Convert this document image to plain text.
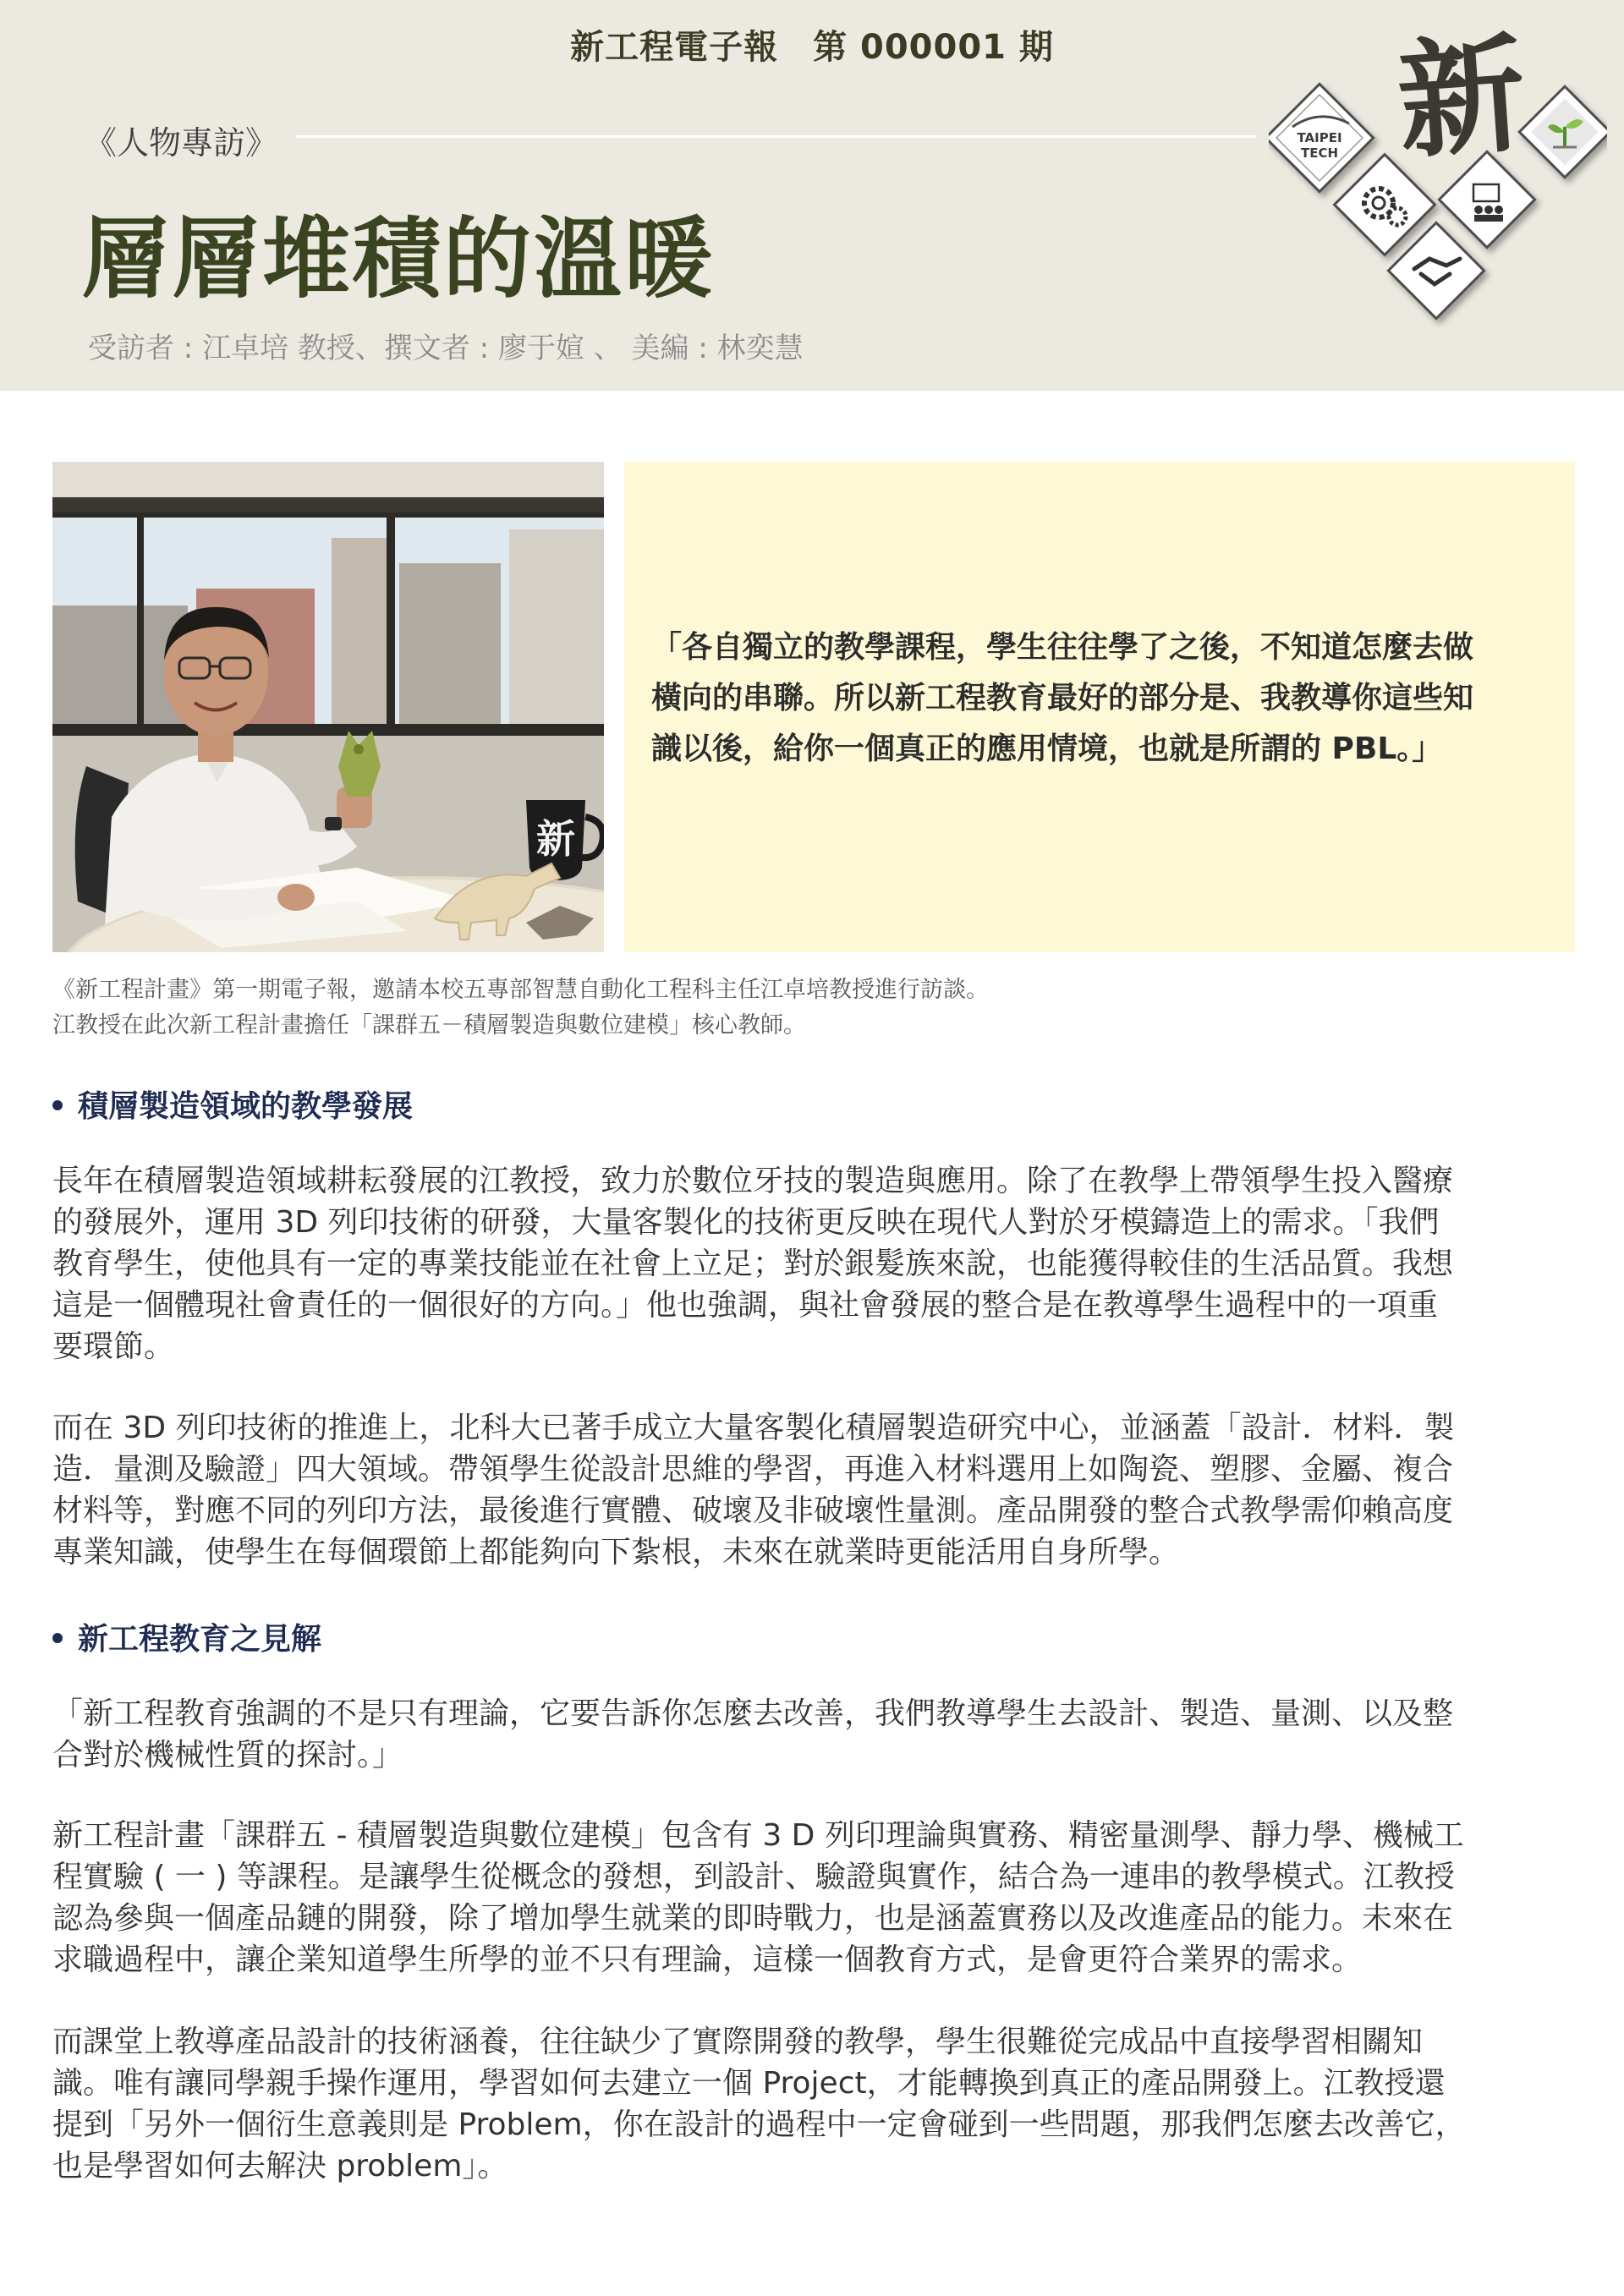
新工程電子報　第 000001 期
《人物專訪》
層層堆積的溫暖
受訪者 : 江卓培 教授、撰文者 : 廖于媗 、 美編 : 林奕慧
TAIPEI
TECH 新
新
「各自獨立的教學課程，學生往往學了之後，不知道怎麼去做
橫向的串聯。所以新工程教育最好的部分是、我教導你這些知
識以後，給你一個真正的應用情境，也就是所謂的 PBL。」
《新工程計畫》第一期電子報，邀請本校五專部智慧自動化工程科主任江卓培教授進行訪談。
江教授在此次新工程計畫擔任「課群五－積層製造與數位建模」核心教師。
積層製造領域的教學發展
長年在積層製造領域耕耘發展的江教授，致力於數位牙技的製造與應用。除了在教學上帶領學生投入醫療
的發展外，運用 3D 列印技術的研發，大量客製化的技術更反映在現代人對於牙模鑄造上的需求。「我們
教育學生，使他具有一定的專業技能並在社會上立足；對於銀髮族來說，也能獲得較佳的生活品質。我想
這是一個體現社會責任的一個很好的方向。」他也強調，與社會發展的整合是在教導學生過程中的一項重
要環節。
而在 3D 列印技術的推進上，北科大已著手成立大量客製化積層製造研究中心，並涵蓋「設計．材料．製
造．量測及驗證」四大領域。帶領學生從設計思維的學習，再進入材料選用上如陶瓷、塑膠、金屬、複合
材料等，對應不同的列印方法，最後進行實體、破壞及非破壞性量測。產品開發的整合式教學需仰賴高度
專業知識，使學生在每個環節上都能夠向下紮根，未來在就業時更能活用自身所學。
新工程教育之見解
「新工程教育強調的不是只有理論，它要告訴你怎麼去改善，我們教導學生去設計、製造、量測、以及整
合對於機械性質的探討。」
新工程計畫「課群五 - 積層製造與數位建模」包含有 3 D 列印理論與實務、精密量測學、靜力學、機械工
程實驗 ( 一 ) 等課程。是讓學生從概念的發想，到設計、驗證與實作，結合為一連串的教學模式。江教授
認為參與一個產品鏈的開發，除了增加學生就業的即時戰力，也是涵蓋實務以及改進產品的能力。未來在
求職過程中，讓企業知道學生所學的並不只有理論，這樣一個教育方式，是會更符合業界的需求。
而課堂上教導產品設計的技術涵養，往往缺少了實際開發的教學，學生很難從完成品中直接學習相關知
識。唯有讓同學親手操作運用，學習如何去建立一個 Project，才能轉換到真正的產品開發上。江教授還
提到「另外一個衍生意義則是 Problem，你在設計的過程中一定會碰到一些問題，那我們怎麼去改善它，
也是學習如何去解決 problem」。
